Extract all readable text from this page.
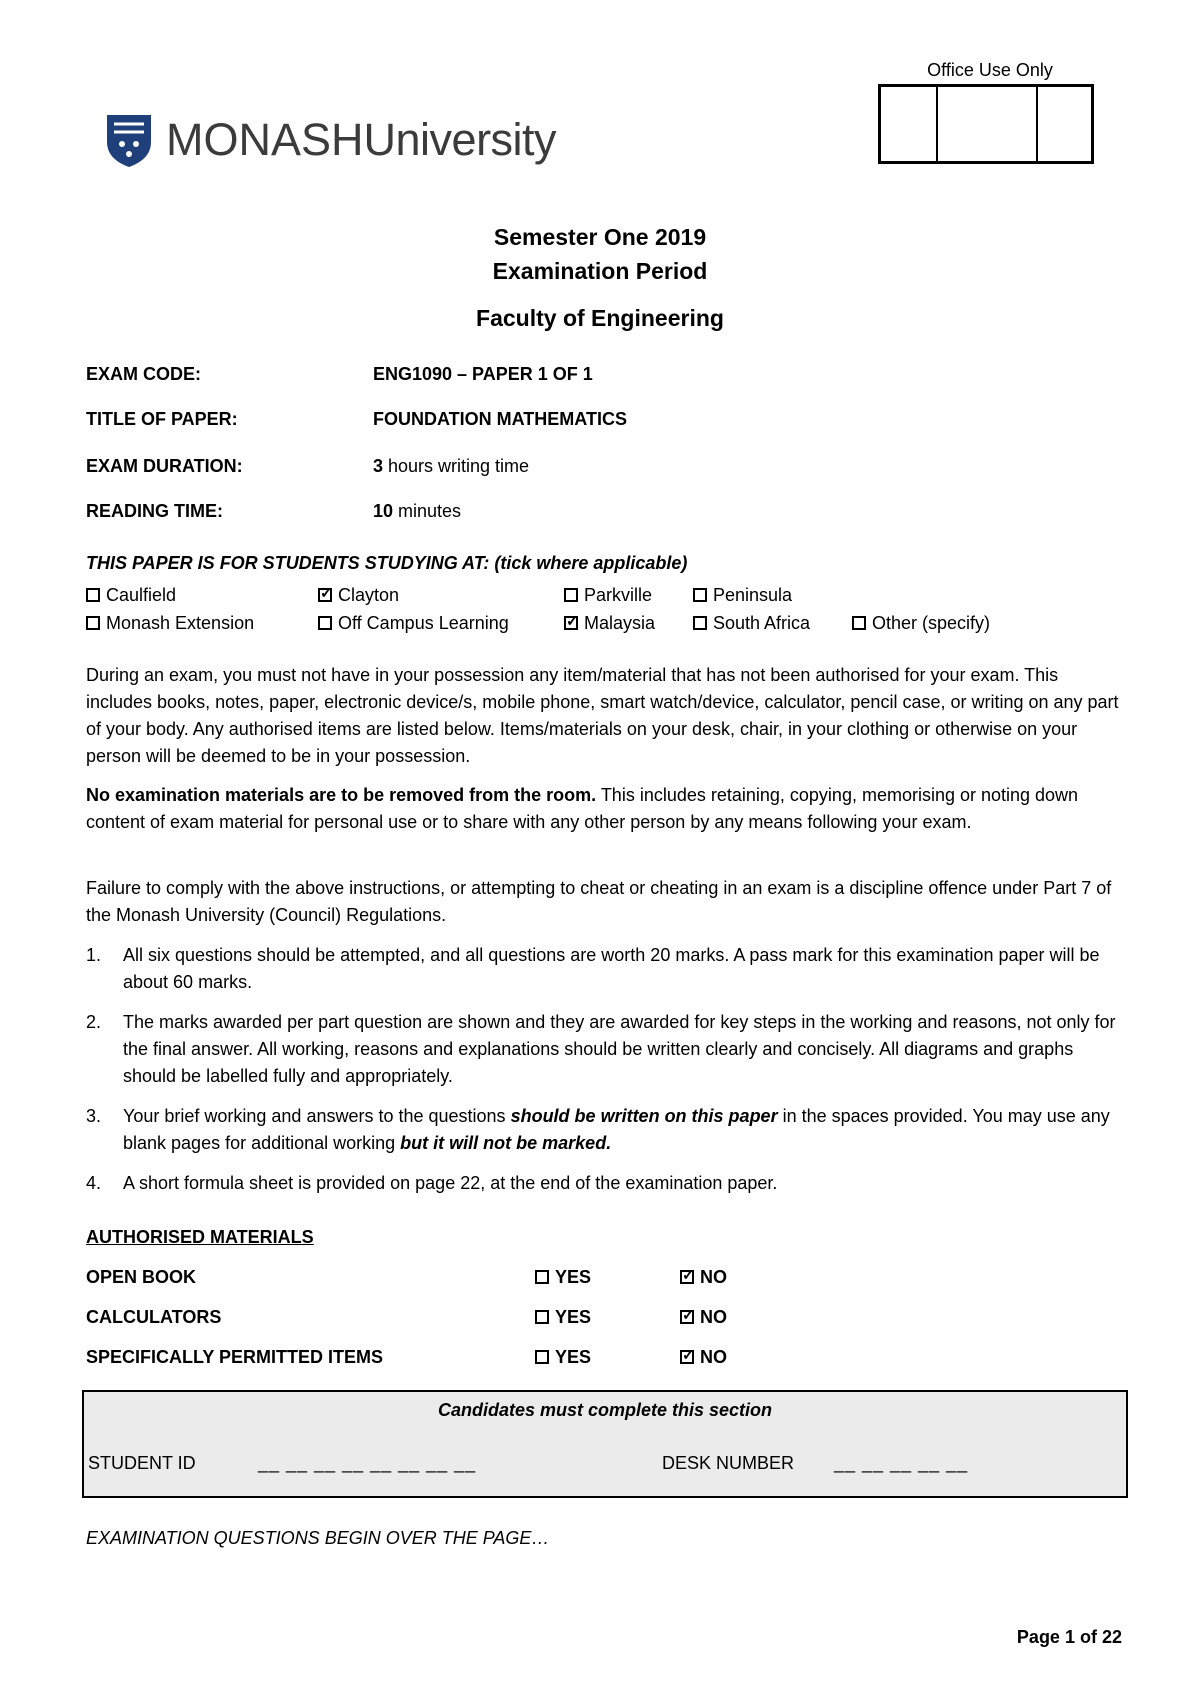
MONASHUniversity
Office Use Only
Semester One 2019
Examination Period
Faculty of Engineering
EXAM CODE:	ENG1090 – PAPER 1 OF 1
TITLE OF PAPER:	FOUNDATION MATHEMATICS
EXAM DURATION:	3 hours writing time
READING TIME:	10 minutes
THIS PAPER IS FOR STUDENTS STUDYING AT: (tick where applicable)
Caulfield ✓	Clayton	Parkville	Peninsula
Monash Extension	Off Campus Learning ✓	Malaysia	South Africa	Other (specify)
During an exam, you must not have in your possession any item/material that has not been authorised for your exam. This includes books, notes, paper, electronic device/s, mobile phone, smart watch/device, calculator, pencil case, or writing on any part of your body. Any authorised items are listed below. Items/materials on your desk, chair, in your clothing or otherwise on your person will be deemed to be in your possession.
No examination materials are to be removed from the room. This includes retaining, copying, memorising or noting down content of exam material for personal use or to share with any other person by any means following your exam.
Failure to comply with the above instructions, or attempting to cheat or cheating in an exam is a discipline offence under Part 7 of the Monash University (Council) Regulations.
1. All six questions should be attempted, and all questions are worth 20 marks. A pass mark for this examination paper will be about 60 marks.
2. The marks awarded per part question are shown and they are awarded for key steps in the working and reasons, not only for the final answer. All working, reasons and explanations should be written clearly and concisely. All diagrams and graphs should be labelled fully and appropriately.
3. Your brief working and answers to the questions should be written on this paper in the spaces provided. You may use any blank pages for additional working but it will not be marked.
4. A short formula sheet is provided on page 22, at the end of the examination paper.
AUTHORISED MATERIALS
OPEN BOOK	YES ✓	NO
CALCULATORS	YES ✓	NO
SPECIFICALLY PERMITTED ITEMS	YES ✓	NO
Candidates must complete this section
STUDENT ID	__ __ __ __ __ __ __ __	DESK NUMBER __ __ __ __ __
EXAMINATION QUESTIONS BEGIN OVER THE PAGE…
Page 1 of 22
